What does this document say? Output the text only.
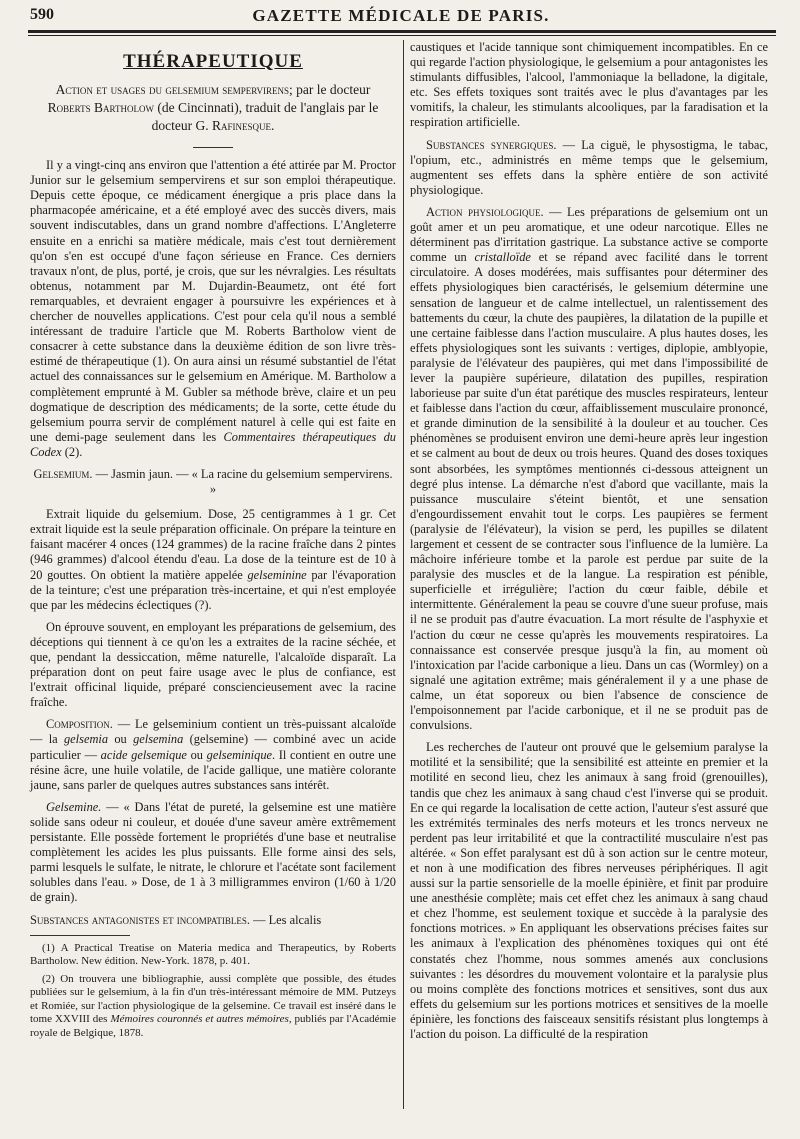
590	GAZETTE MÉDICALE DE PARIS.
THÉRAPEUTIQUE
Action et usages du gelsemium sempervirens; par le docteur Roberts Bartholow (de Cincinnati), traduit de l'anglais par le docteur G. Rafinesque.

Il y a vingt-cinq ans environ que l'attention a été attirée par M. Proctor Junior sur le gelsemium sempervirens et sur son emploi thérapeutique. Depuis cette époque, ce médicament énergique a pris place dans la pharmacopée américaine, et a été employé avec des succès divers, mais souvent indiscutables, dans un grand nombre d'affections. L'Angleterre ensuite en a enrichi sa matière médicale, mais c'est tout dernièrement qu'on s'en est occupé d'une façon sérieuse en France. Ces derniers travaux n'ont, de plus, porté, je crois, que sur les névralgies. Les résultats obtenus, notamment par M. Dujardin-Beaumetz, ont été fort remarquables, et devraient engager à poursuivre les expériences et à chercher de nouvelles applications. C'est pour cela qu'il nous a semblé intéressant de traduire l'article que M. Roberts Bartholow vient de consacrer à cette substance dans la deuxième édition de son livre très-estimé de thérapeutique (1). On aura ainsi un résumé substantiel de l'état actuel des connaissances sur le gelsemium en Amérique. M. Bartholow a complètement emprunté à M. Gubler sa méthode brève, claire et un peu dogmatique de description des médicaments; de la sorte, cette étude du gelsemium pourra servir de complément naturel à celle qui est faite en une demi-page seulement dans les Commentaires thérapeutiques du Codex (2).

Gelsemium. — Jasmin jaun. — « La racine du gelsemium sempervirens. »

Extrait liquide du gelsemium. Dose, 25 centigrammes à 1 gr. Cet extrait liquide est la seule préparation officinale. On prépare la teinture en faisant macérer 4 onces (124 grammes) de la racine fraîche dans 2 pintes (946 grammes) d'alcool étendu d'eau. La dose de la teinture est de 10 à 20 gouttes. On obtient la matière appelée gelseminine par l'évaporation de la teinture; c'est une préparation très-incertaine, et qui n'est employée que par les médecins éclectiques (?).

On éprouve souvent, en employant les préparations de gelsemium, des déceptions qui tiennent à ce qu'on les a extraites de la racine séchée, et que, pendant la dessiccation, même naturelle, l'alcaloïde disparaît. La préparation dont on peut faire usage avec le plus de confiance, est l'extrait officinal liquide, préparé consciencieusement avec la racine fraîche.

Composition. — Le gelseminium contient un très-puissant alcaloïde — la gelsemia ou gelsemina (gelsemine) — combiné avec un acide particulier — acide gelsemique ou gelseminique. Il contient en outre une résine âcre, une huile volatile, de l'acide gallique, une matière colorante jaune, sans parler de quelques autres substances sans intérêt.

Gelsemine. — « Dans l'état de pureté, la gelsemine est une matière solide sans odeur ni couleur, et douée d'une saveur amère extrêmement persistante. Elle possède fortement le propriétés d'une base et neutralise complètement les acides les plus puissants. Elle forme ainsi des sels, parmi lesquels le sulfate, le nitrate, le chlorure et l'acétate sont facilement solubles dans l'eau. » Dose, de 1 à 3 milligrammes environ (1/60 à 1/20 de grain).

Substances antagonistes et incompatibles. — Les alcalis

(1) A Practical Treatise on Materia medica and Therapeutics, by Roberts Bartholow. New édition. New-York. 1878, p. 401.

(2) On trouvera une bibliographie, aussi complète que possible, des études publiées sur le gelsemium, à la fin d'un très-intéressant mémoire de MM. Putzeys et Romiée, sur l'action physiologique de la gelsemine. Ce travail est inséré dans le tome XXVIII des Mémoires couronnés et autres mémoires, publiés par l'Académie royale de Belgique, 1878.

caustiques et l'acide tannique sont chimiquement incompatibles. En ce qui regarde l'action physiologique, le gelsemium a pour antagonistes les stimulants diffusibles, l'alcool, l'ammoniaque la belladone, la digitale, etc. Ses effets toxiques sont traités avec le plus d'avantages par les vomitifs, la chaleur, les stimulants alcooliques, par la faradisation et la respiration artificielle.

Substances synergiques. — La ciguë, le physostigma, le tabac, l'opium, etc., administrés en même temps que le gelsemium, augmentent ses effets dans la sphère entière de son activité physiologique.

Action physiologique. — Les préparations de gelsemium ont un goût amer et un peu aromatique, et une odeur narcotique. Elles ne déterminent pas d'irritation gastrique. La substance active se comporte comme un cristalloïde et se répand avec facilité dans le torrent circulatoire. A doses modérées, mais suffisantes pour déterminer des effets physiologiques bien caractérisés, le gelsemium détermine une sensation de langueur et de calme intellectuel, un ralentissement des battements du cœur, la chute des paupières, la dilatation de la pupille et une certaine faiblesse dans l'action musculaire. A plus hautes doses, les effets physiologiques sont les suivants : vertiges, diplopie, amblyopie, paralysie de l'élévateur des paupières, qui met dans l'impossibilité de lever la paupière supérieure, dilatation des pupilles, respiration laborieuse par suite d'un état parétique des muscles respirateurs, lenteur et faiblesse dans l'action du cœur, affaiblissement musculaire prononcé, et grande diminution de la sensibilité à la douleur et au toucher. Ces phénomènes se produisent environ une demi-heure après leur ingestion et se calment au bout de deux ou trois heures. Quand des doses toxiques sont absorbées, les symptômes mentionnés ci-dessous atteignent un degré plus intense. La démarche n'est d'abord que vacillante, mais la puissance musculaire s'éteint bientôt, et une sensation d'engourdissement envahit tout le corps. Les paupières se ferment (paralysie de l'élévateur), la vision se perd, les pupilles se dilatent largement et cessent de se contracter sous l'influence de la lumière. La mâchoire inférieure tombe et la parole est perdue par suite de la paralysie des muscles et de la langue. La respiration est pénible, superficielle et irrégulière; l'action du cœur faible, débile et intermittente. Généralement la peau se couvre d'une sueur profuse, mais il ne se produit pas d'autre évacuation. La mort résulte de l'asphyxie et l'action du cœur ne cesse qu'après les mouvements respiratoires. La connaissance est conservée presque jusqu'à la fin, au moment où l'intoxication par l'acide carbonique a lieu. Dans un cas (Wormley) on a signalé une agitation extrême; mais généralement il y a une phase de calme, un état soporeux ou bien l'absence de conscience de l'empoisonnement par l'acide carbonique, et il ne se produit pas de convulsions.

Les recherches de l'auteur ont prouvé que le gelsemium paralyse la motilité et la sensibilité; que la sensibilité est atteinte en premier et la motilité en second lieu, chez les animaux à sang froid (grenouilles), tandis que chez les animaux à sang chaud c'est l'inverse qui se produit. En ce qui regarde la localisation de cette action, l'auteur s'est assuré que les extrémités terminales des nerfs moteurs et les troncs nerveux ne perdent pas leur irritabilité et que la contractilité musculaire n'est pas altérée. « Son effet paralysant est dû à son action sur le centre moteur, et non à une modification des fibres nerveuses périphériques. Il agit aussi sur la partie sensorielle de la moelle épinière, et finit par produire une anesthésie complète; mais cet effet chez les animaux à sang chaud et chez l'homme, est seulement toxique et succède à la paralysie des fonctions motrices. » En appliquant les observations précises faites sur les animaux à l'explication des phénomènes toxiques qui ont été constatés chez l'homme, nous sommes amenés aux conclusions suivantes : les désordres du mouvement volontaire et la paralysie plus ou moins complète des fonctions motrices et sensitives, sont dus aux effets du gelsemium sur les portions motrices et sensitives de la moelle épinière, les fonctions des faisceaux sensitifs résistant plus longtemps à l'action du poison. La difficulté de la respiration
